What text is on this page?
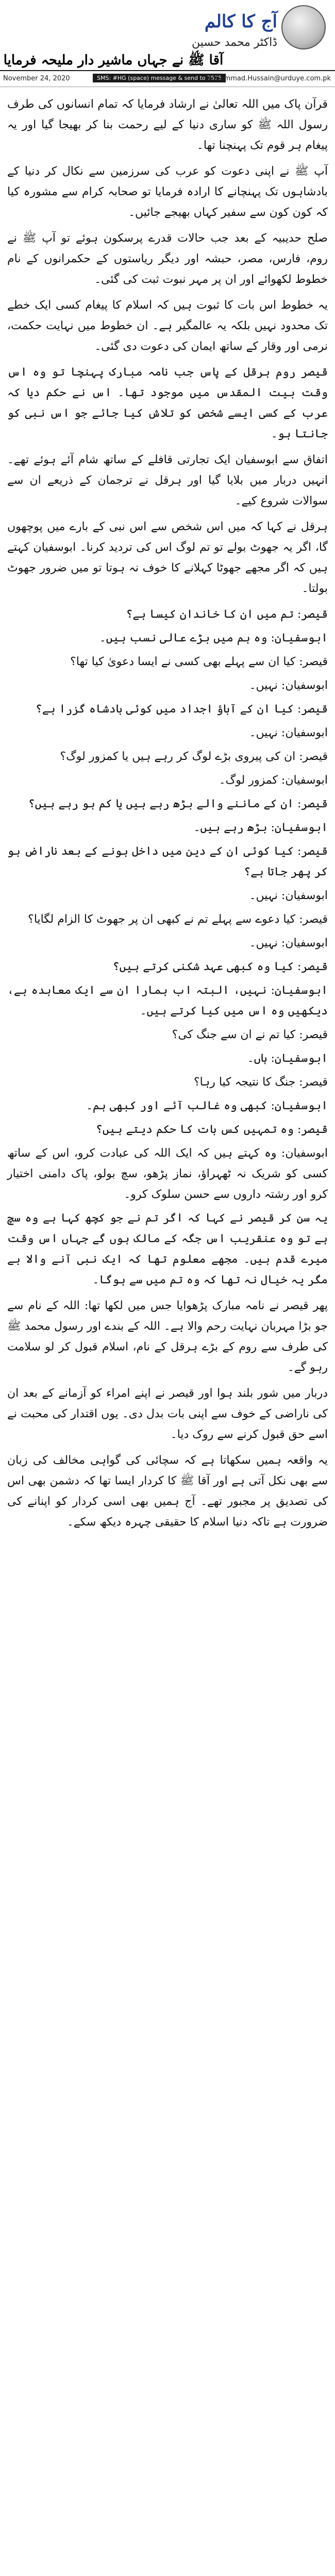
آج کا کالم
ڈاکٹر محمد حسین
آقا ﷺ نے جہاں ماشیر دار ملیحہ فرمایا
November 24, 2020	SMS: #HG (space) message & send to 7575
Muhammad.Hussain@urduye.com.pk

قرآن پاک میں اللہ تعالیٰ نے ارشاد فرمایا کہ تمام انسانوں کی طرف رسول اللہ ﷺ کو ساری دنیا کے لیے رحمت بنا کر بھیجا گیا اور یہ پیغام ہر قوم تک پہنچنا تھا۔

آپ ﷺ نے اپنی دعوت کو عرب کی سرزمین سے نکال کر دنیا کے بادشاہوں تک پہنچانے کا ارادہ فرمایا تو صحابہ کرام سے مشورہ کیا کہ کون کون سے سفیر کہاں بھیجے جائیں۔

صلح حدیبیہ کے بعد جب حالات قدرے پرسکون ہوئے تو آپ ﷺ نے روم، فارس، مصر، حبشہ اور دیگر ریاستوں کے حکمرانوں کے نام خطوط لکھوائے اور ان پر مہر نبوت ثبت کی گئی۔

یہ خطوط اس بات کا ثبوت ہیں کہ اسلام کا پیغام کسی ایک خطے تک محدود نہیں بلکہ یہ عالمگیر ہے۔ ان خطوط میں نہایت حکمت، نرمی اور وقار کے ساتھ ایمان کی دعوت دی گئی۔

قیصر روم ہرقل کے پاس جب نامہ مبارک پہنچا تو وہ اس وقت بیت المقدس میں موجود تھا۔ اس نے حکم دیا کہ عرب کے کسی ایسے شخص کو تلاش کیا جائے جو اس نبی کو جانتا ہو۔

اتفاق سے ابوسفیان ایک تجارتی قافلے کے ساتھ شام آئے ہوئے تھے۔ انہیں دربار میں بلایا گیا اور ہرقل نے ترجمان کے ذریعے ان سے سوالات شروع کیے۔

ہرقل نے کہا کہ میں اس شخص سے اس نبی کے بارے میں پوچھوں گا، اگر یہ جھوٹ بولے تو تم لوگ اس کی تردید کرنا۔ ابوسفیان کہتے ہیں کہ اگر مجھے جھوٹا کہلانے کا خوف نہ ہوتا تو میں ضرور جھوٹ بولتا۔

قیصر: تم میں ان کا خاندان کیسا ہے؟

ابوسفیان: وہ ہم میں بڑے عالی نسب ہیں۔

قیصر: کیا ان سے پہلے بھی کسی نے ایسا دعویٰ کیا تھا؟

ابوسفیان: نہیں۔

قیصر: کیا ان کے آباؤ اجداد میں کوئی بادشاہ گزرا ہے؟

ابوسفیان: نہیں۔

قیصر: ان کی پیروی بڑے لوگ کر رہے ہیں یا کمزور لوگ؟

ابوسفیان: کمزور لوگ۔

قیصر: ان کے ماننے والے بڑھ رہے ہیں یا کم ہو رہے ہیں؟

ابوسفیان: بڑھ رہے ہیں۔

قیصر: کیا کوئی ان کے دین میں داخل ہونے کے بعد ناراض ہو کر پھر جاتا ہے؟

ابوسفیان: نہیں۔

قیصر: کیا دعوے سے پہلے تم نے کبھی ان پر جھوٹ کا الزام لگایا؟

ابوسفیان: نہیں۔

قیصر: کیا وہ کبھی عہد شکنی کرتے ہیں؟

ابوسفیان: نہیں، البتہ اب ہمارا ان سے ایک معاہدہ ہے، دیکھیں وہ اس میں کیا کرتے ہیں۔

قیصر: کیا تم نے ان سے جنگ کی؟

ابوسفیان: ہاں۔

قیصر: جنگ کا نتیجہ کیا رہا؟

ابوسفیان: کبھی وہ غالب آئے اور کبھی ہم۔

قیصر: وہ تمہیں کس بات کا حکم دیتے ہیں؟

ابوسفیان: وہ کہتے ہیں کہ ایک اللہ کی عبادت کرو، اس کے ساتھ کسی کو شریک نہ ٹھہراؤ، نماز پڑھو، سچ بولو، پاک دامنی اختیار کرو اور رشتہ داروں سے حسن سلوک کرو۔

یہ سن کر قیصر نے کہا کہ اگر تم نے جو کچھ کہا ہے وہ سچ ہے تو وہ عنقریب اس جگہ کے مالک ہوں گے جہاں اس وقت میرے قدم ہیں۔ مجھے معلوم تھا کہ ایک نبی آنے والا ہے مگر یہ خیال نہ تھا کہ وہ تم میں سے ہوگا۔

پھر قیصر نے نامہ مبارک پڑھوایا جس میں لکھا تھا: اللہ کے نام سے جو بڑا مہربان نہایت رحم والا ہے۔ اللہ کے بندے اور رسول محمد ﷺ کی طرف سے روم کے بڑے ہرقل کے نام، اسلام قبول کر لو سلامت رہو گے۔

دربار میں شور بلند ہوا اور قیصر نے اپنے امراء کو آزمانے کے بعد ان کی ناراضی کے خوف سے اپنی بات بدل دی۔ یوں اقتدار کی محبت نے اسے حق قبول کرنے سے روک دیا۔

یہ واقعہ ہمیں سکھاتا ہے کہ سچائی کی گواہی مخالف کی زبان سے بھی نکل آتی ہے اور آقا ﷺ کا کردار ایسا تھا کہ دشمن بھی اس کی تصدیق پر مجبور تھے۔ آج ہمیں بھی اسی کردار کو اپنانے کی ضرورت ہے تاکہ دنیا اسلام کا حقیقی چہرہ دیکھ سکے۔
